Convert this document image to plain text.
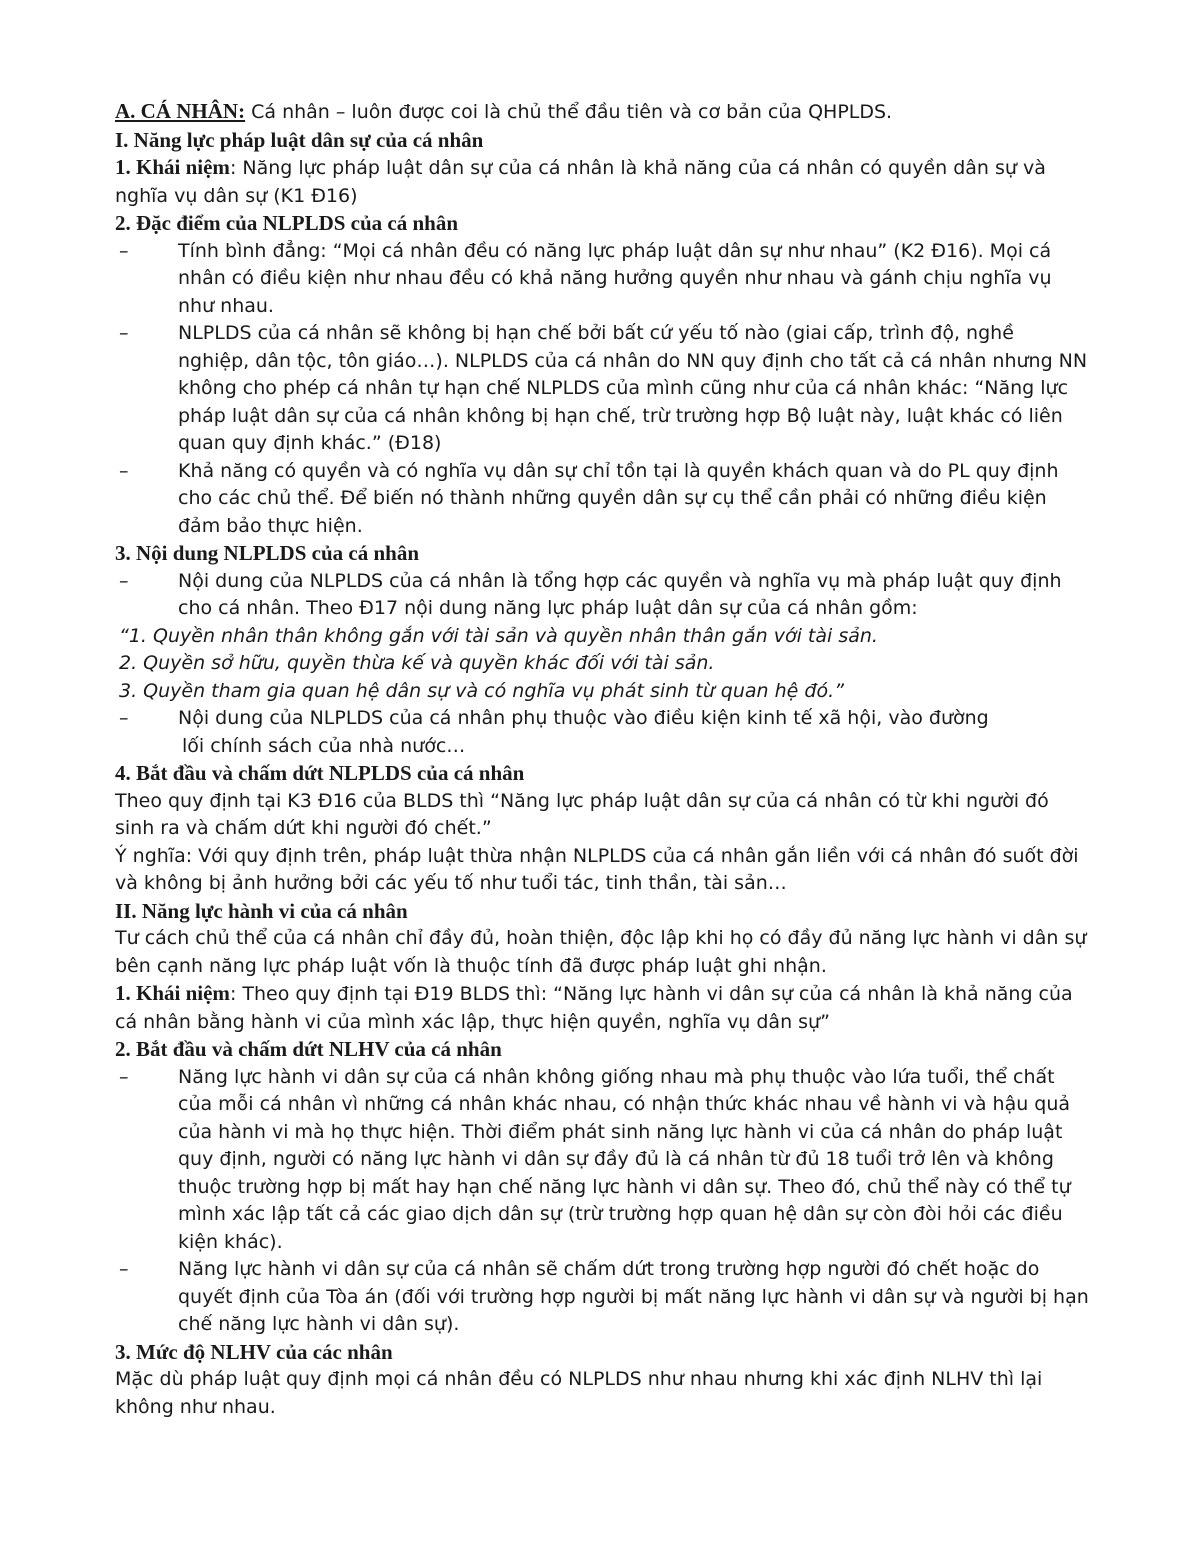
A. CÁ NHÂN: Cá nhân – luôn được coi là chủ thể đầu tiên và cơ bản của QHPLDS.

I. Năng lực pháp luật dân sự của cá nhân

1. Khái niệm: Năng lực pháp luật dân sự của cá nhân là khả năng của cá nhân có quyền dân sự và nghĩa vụ dân sự (K1 Đ16)

2. Đặc điểm của NLPLDS của cá nhân

–	Tính bình đẳng: “Mọi cá nhân đều có năng lực pháp luật dân sự như nhau” (K2 Đ16). Mọi cá nhân có điều kiện như nhau đều có khả năng hưởng quyền như nhau và gánh chịu nghĩa vụ như nhau.
–	NLPLDS của cá nhân sẽ không bị hạn chế bởi bất cứ yếu tố nào (giai cấp, trình độ, nghề nghiệp, dân tộc, tôn giáo…). NLPLDS của cá nhân do NN quy định cho tất cả cá nhân nhưng NN không cho phép cá nhân tự hạn chế NLPLDS của mình cũng như của cá nhân khác: “Năng lực pháp luật dân sự của cá nhân không bị hạn chế, trừ trường hợp Bộ luật này, luật khác có liên quan quy định khác.” (Đ18)
–	Khả năng có quyền và có nghĩa vụ dân sự chỉ tồn tại là quyền khách quan và do PL quy định cho các chủ thể. Để biến nó thành những quyền dân sự cụ thể cần phải có những điều kiện đảm bảo thực hiện.

3. Nội dung NLPLDS của cá nhân

–	Nội dung của NLPLDS của cá nhân là tổng hợp các quyền và nghĩa vụ mà pháp luật quy định cho cá nhân. Theo Đ17 nội dung năng lực pháp luật dân sự của cá nhân gồm:

“1. Quyền nhân thân không gắn với tài sản và quyền nhân thân gắn với tài sản.

2. Quyền sở hữu, quyền thừa kế và quyền khác đối với tài sản.

3. Quyền tham gia quan hệ dân sự và có nghĩa vụ phát sinh từ quan hệ đó.”

–	Nội dung của NLPLDS của cá nhân phụ thuộc vào điều kiện kinh tế xã hội, vào đường

lối chính sách của nhà nước…

4. Bắt đầu và chấm dứt NLPLDS của cá nhân

Theo quy định tại K3 Đ16 của BLDS thì “Năng lực pháp luật dân sự của cá nhân có từ khi người đó sinh ra và chấm dứt khi người đó chết.”

Ý nghĩa: Với quy định trên, pháp luật thừa nhận NLPLDS của cá nhân gắn liền với cá nhân đó suốt đời và không bị ảnh hưởng bởi các yếu tố như tuổi tác, tinh thần, tài sản…

II. Năng lực hành vi của cá nhân

Tư cách chủ thể của cá nhân chỉ đầy đủ, hoàn thiện, độc lập khi họ có đầy đủ năng lực hành vi dân sự bên cạnh năng lực pháp luật vốn là thuộc tính đã được pháp luật ghi nhận.

1. Khái niệm: Theo quy định tại Đ19 BLDS thì: “Năng lực hành vi dân sự của cá nhân là khả năng của cá nhân bằng hành vi của mình xác lập, thực hiện quyền, nghĩa vụ dân sự”

2. Bắt đầu và chấm dứt NLHV của cá nhân

–	Năng lực hành vi dân sự của cá nhân không giống nhau mà phụ thuộc vào lứa tuổi, thể chất của mỗi cá nhân vì những cá nhân khác nhau, có nhận thức khác nhau về hành vi và hậu quả của hành vi mà họ thực hiện. Thời điểm phát sinh năng lực hành vi của cá nhân do pháp luật quy định, người có năng lực hành vi dân sự đầy đủ là cá nhân từ đủ 18 tuổi trở lên và không thuộc trường hợp bị mất hay hạn chế năng lực hành vi dân sự. Theo đó, chủ thể này có thể tự mình xác lập tất cả các giao dịch dân sự (trừ trường hợp quan hệ dân sự còn đòi hỏi các điều kiện khác).
–	Năng lực hành vi dân sự của cá nhân sẽ chấm dứt trong trường hợp người đó chết hoặc do quyết định của Tòa án (đối với trường hợp người bị mất năng lực hành vi dân sự và người bị hạn chế năng lực hành vi dân sự).

3. Mức độ NLHV của các nhân

Mặc dù pháp luật quy định mọi cá nhân đều có NLPLDS như nhau nhưng khi xác định NLHV thì lại không như nhau.
